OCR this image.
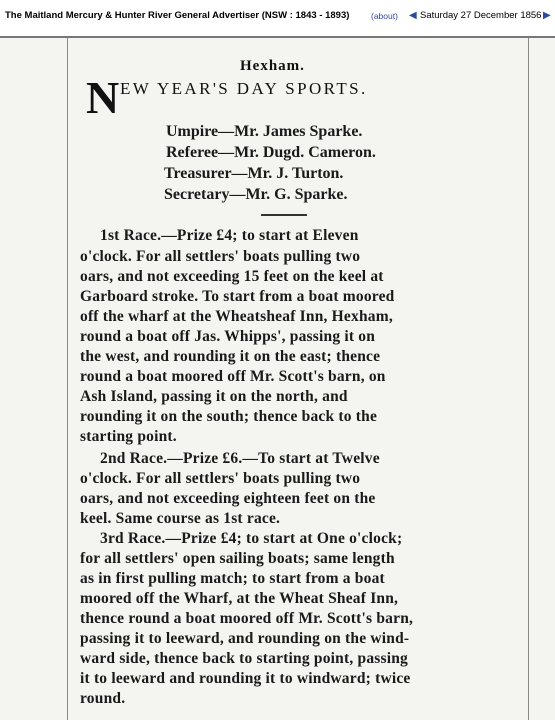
The Maitland Mercury & Hunter River General Advertiser (NSW : 1843 - 1893)	(about) ◀ Saturday 27 December 1856 ▶
Hexham.
N EW YEAR'S DAY SPORTS.
Umpire—Mr. James Sparke.
Referee—Mr. Dugd. Cameron.
Treasurer—Mr. J. Turton.
Secretary—Mr. G. Sparke.
1st Race.—Prize £4; to start at Eleven
o'clock. For all settlers' boats pulling two
oars, and not exceeding 15 feet on the keel at
Garboard stroke. To start from a boat moored
off the wharf at the Wheatsheaf Inn, Hexham,
round a boat off Jas. Whipps', passing it on
the west, and rounding it on the east; thence
round a boat moored off Mr. Scott's barn, on
Ash Island, passing it on the north, and
rounding it on the south; thence back to the
starting point.
2nd Race.—Prize £6.—To start at Twelve
o'clock. For all settlers' boats pulling two
oars, and not exceeding eighteen feet on the
keel. Same course as 1st race.
3rd Race.—Prize £4; to start at One o'clock;
for all settlers' open sailing boats; same length
as in first pulling match; to start from a boat
moored off the Wharf, at the Wheat Sheaf Inn,
thence round a boat moored off Mr. Scott's barn,
passing it to leeward, and rounding on the wind-
ward side, thence back to starting point, passing
it to leeward and rounding it to windward; twice
round.
